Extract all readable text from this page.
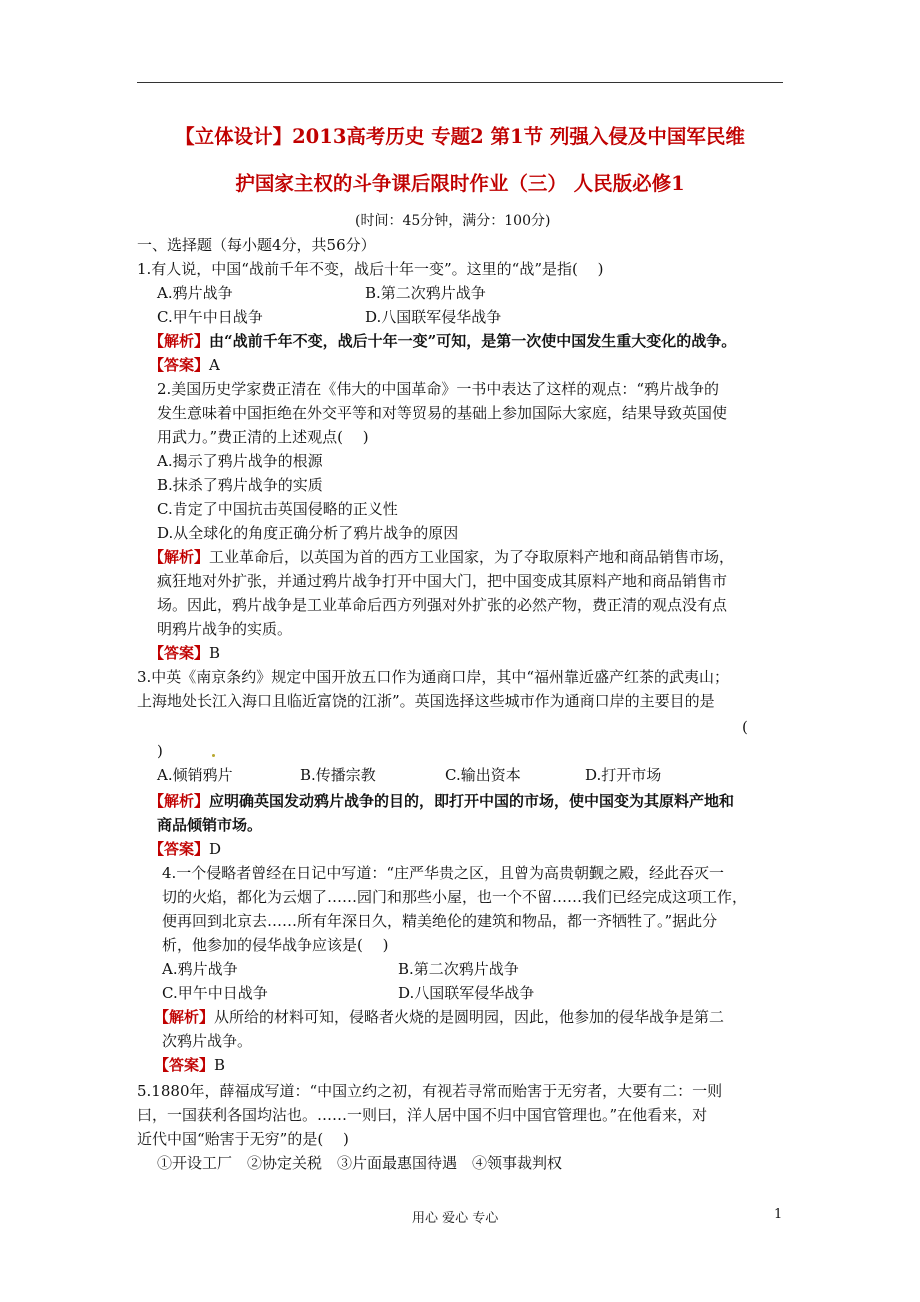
【立体设计】2013高考历史 专题2 第1节 列强入侵及中国军民维
护国家主权的斗争课后限时作业（三） 人民版必修1
(时间：45分钟，满分：100分)
一、选择题（每小题4分，共56分）
1.有人说，中国“战前千年不变，战后十年一变”。这里的“战”是指(　 )
A.鸦片战争	B.第二次鸦片战争
C.甲午中日战争	D.八国联军侵华战争
【解析】由“战前千年不变，战后十年一变”可知，是第一次使中国发生重大变化的战争。
【答案】A
2.美国历史学家费正清在《伟大的中国革命》一书中表达了这样的观点：“鸦片战争的
发生意味着中国拒绝在外交平等和对等贸易的基础上参加国际大家庭，结果导致英国使
用武力。”费正清的上述观点(　 )
A.揭示了鸦片战争的根源
B.抹杀了鸦片战争的实质
C.肯定了中国抗击英国侵略的正义性
D.从全球化的角度正确分析了鸦片战争的原因
【解析】工业革命后，以英国为首的西方工业国家，为了夺取原料产地和商品销售市场，
疯狂地对外扩张，并通过鸦片战争打开中国大门，把中国变成其原料产地和商品销售市
场。因此，鸦片战争是工业革命后西方列强对外扩张的必然产物，费正清的观点没有点
明鸦片战争的实质。
【答案】B
3.中英《南京条约》规定中国开放五口作为通商口岸，其中“福州靠近盛产红茶的武夷山；
上海地处长江入海口且临近富饶的江浙”。英国选择这些城市作为通商口岸的主要目的是
(
)
A.倾销鸦片	B.传播宗教	C.输出资本	D.打开市场
【解析】应明确英国发动鸦片战争的目的，即打开中国的市场，使中国变为其原料产地和
商品倾销市场。
【答案】D
4.一个侵略者曾经在日记中写道：“庄严华贵之区，且曾为高贵朝觐之殿，经此吞灭一
切的火焰，都化为云烟了……园门和那些小屋，也一个不留……我们已经完成这项工作，
便再回到北京去……所有年深日久，精美绝伦的建筑和物品，都一齐牺牲了。”据此分
析，他参加的侵华战争应该是(　 )
A.鸦片战争	B.第二次鸦片战争
C.甲午中日战争	D.八国联军侵华战争
【解析】从所给的材料可知，侵略者火烧的是圆明园，因此，他参加的侵华战争是第二
次鸦片战争。
【答案】B
5.1880年，薛福成写道：“中国立约之初，有视若寻常而贻害于无穷者，大要有二：一则
曰，一国获利各国均沾也。……一则曰，洋人居中国不归中国官管理也。”在他看来，对
近代中国“贻害于无穷”的是(　 )
①开设工厂　②协定关税　③片面最惠国待遇　④领事裁判权
用心 爱心 专心	1
